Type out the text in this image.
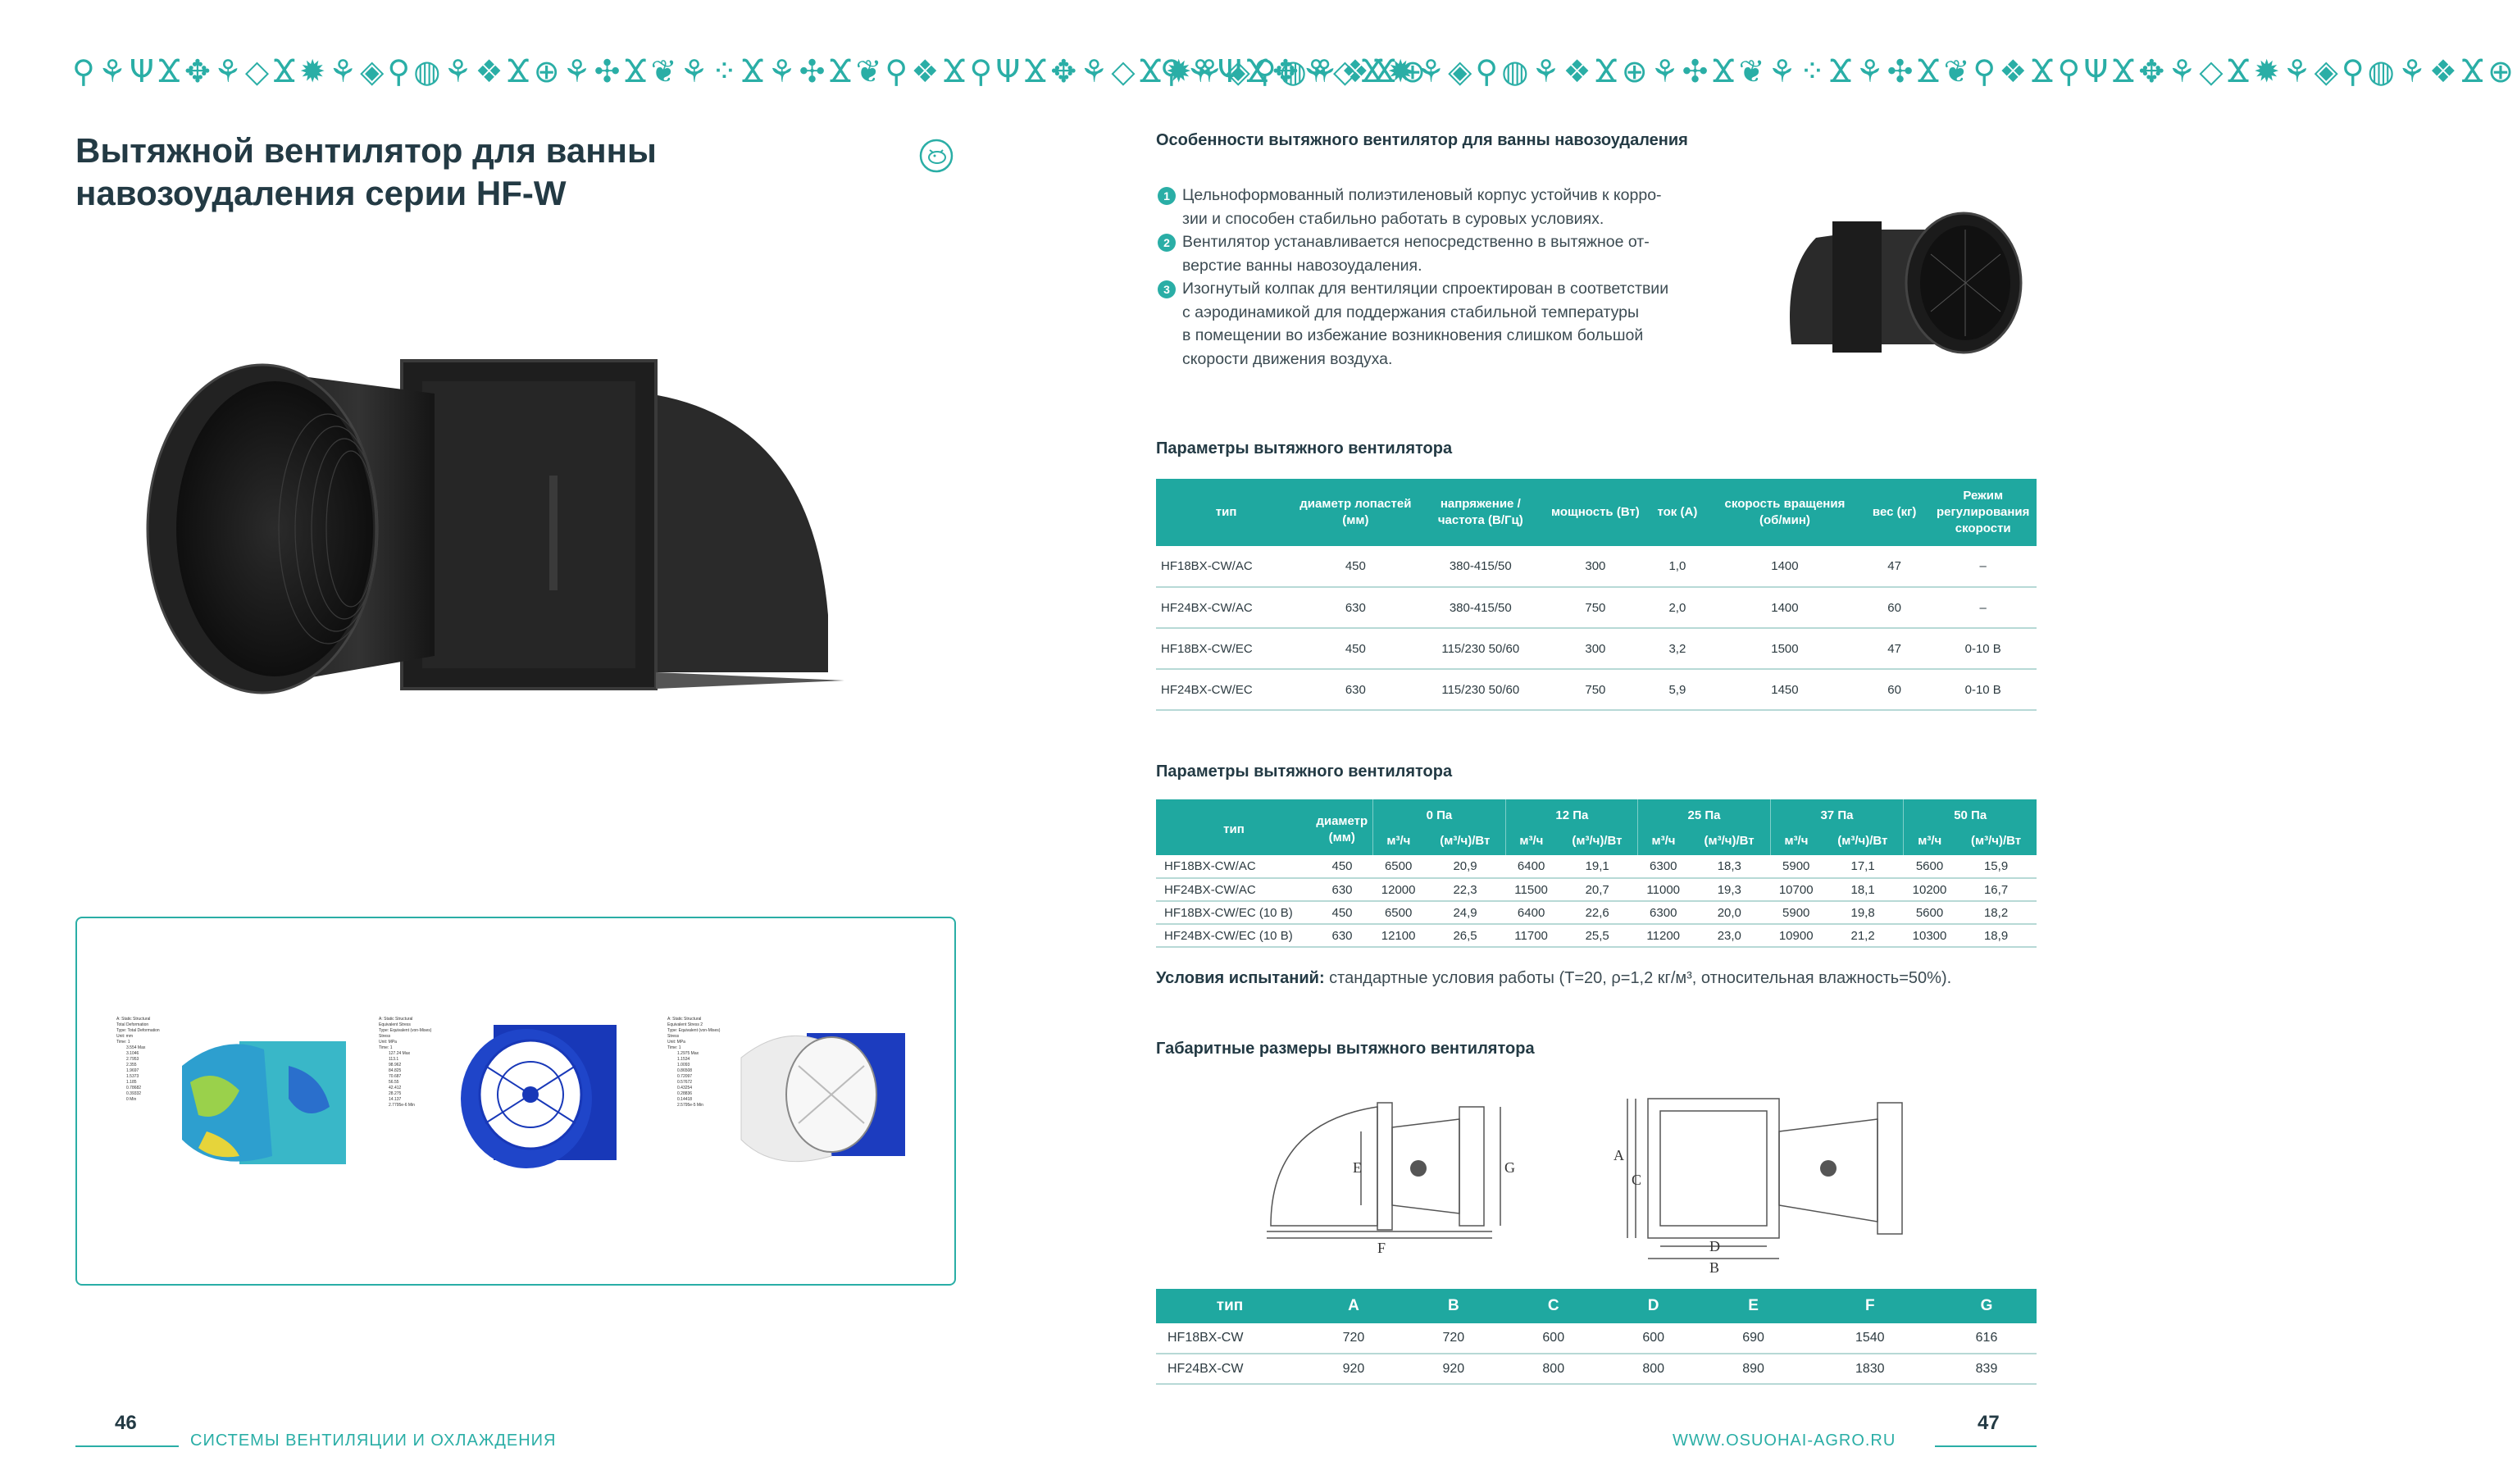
⚲⚘ΨϪ✥⚘◇Ϫ✹⚘◈⚲◍⚘❖Ϫ⊕⚘✣Ϫ❦⚘⁘Ϫ⚘✣Ϫ❦⚲❖Ϫ⚲ΨϪ✥⚘◇Ϫ✹⚘◈⚲◍⚘❖Ϫ⊕
Вытяжной вентилятор для ванны
навозоудаления серии HF-W
A: Static Structural
Total Deformation
Type: Total Deformation
Unit: mm
Time: 1
3.554 Max
3.1046
2.7953
2.355
1.9697
1.5373
1.185
0.78682
0.39332
0 Min
A: Static Structural
Equivalent Stress
Type: Equivalent (von-Mises) Stress
Unit: MPa
Time: 1
127.24 Max
113.1
98.962
84.825
70.687
56.55
42.412
28.275
14.137
2.7795e-6 Min
A: Static Structural
Equivalent Stress 2
Type: Equivalent (von-Mises) Stress
Unit: MPa
Time: 1
1.2975 Max
1.1534
1.0093
0.86508
0.72097
0.57672
0.43254
0.28836
0.14418
2.5795e-5 Min
46
СИСТЕМЫ ВЕНТИЛЯЦИИ И ОХЛАЖДЕНИЯ
⚲⚘ΨϪ✥⚘◇Ϫ✹⚘◈⚲◍⚘❖Ϫ⊕⚘✣Ϫ❦⚘⁘Ϫ⚘✣Ϫ❦⚲❖Ϫ⚲ΨϪ✥⚘◇Ϫ✹⚘◈⚲◍⚘❖Ϫ⊕
Особенности вытяжного вентилятор для ванны навозоудаления
1 Цельноформованный полиэтиленовый корпус устойчив к корро-
зии и способен стабильно работать в суровых условиях.
2 Вентилятор устанавливается непосредственно в вытяжное от-
верстие ванны навозоудаления.
3 Изогнутый колпак для вентиляции спроектирован в соответствии
с аэродинамикой для поддержания стабильной температуры
в помещении во избежание возникновения слишком большой
скорости движения воздуха.
Параметры вытяжного вентилятора
тип	диаметр лопастей (мм)	напряжение / частота (В/Гц)	мощность (Вт)	ток (А)	скорость вращения (об/мин)	вес (кг)	Режим регулирования скорости
HF18BX-CW/AC	450	380-415/50	300	1,0	1400	47	–
HF24BX-CW/AC	630	380-415/50	750	2,0	1400	60	–
HF18BX-CW/EC	450	115/230 50/60	300	3,2	1500	47	0-10 В
HF24BX-CW/EC	630	115/230 50/60	750	5,9	1450	60	0-10 В
Параметры вытяжного вентилятора
тип	диаметр (мм)	0 Па		12 Па		25 Па		37 Па		50 Па	
		м³/ч	(м³/ч)/Вт	м³/ч	(м³/ч)/Вт	м³/ч	(м³/ч)/Вт	м³/ч	(м³/ч)/Вт	м³/ч	(м³/ч)/Вт
HF18BX-CW/AC	450	6500	20,9	6400	19,1	6300	18,3	5900	17,1	5600	15,9
HF24BX-CW/AC	630	12000	22,3	11500	20,7	11000	19,3	10700	18,1	10200	16,7
HF18BX-CW/EC (10 В)	450	6500	24,9	6400	22,6	6300	20,0	5900	19,8	5600	18,2
HF24BX-CW/EC (10 В)	630	12100	26,5	11700	25,5	11200	23,0	10900	21,2	10300	18,9
Условия испытаний: стандартные условия работы (T=20, ρ=1,2 кг/м³, относительная влажность=50%).
Габаритные размеры вытяжного вентилятора
E	G
F
A
C
D
B
тип	A	B	C	D	E	F	G
HF18BX-CW	720	720	600	600	690	1540	616
HF24BX-CW	920	920	800	800	890	1830	839
WWW.OSUOHAI-AGRO.RU
47
